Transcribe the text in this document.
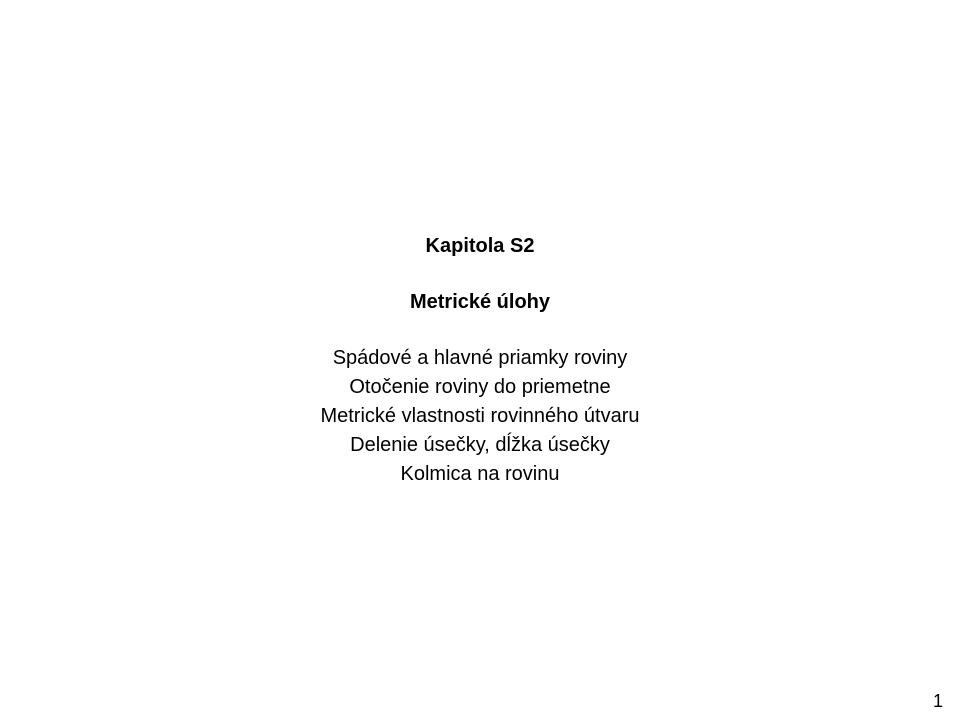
Kapitola S2
Metrické úlohy
Spádové a hlavné priamky roviny
Otočenie roviny do priemetne
Metrické vlastnosti rovinného útvaru
Delenie úsečky, dĺžka úsečky
Kolmica na rovinu
1
